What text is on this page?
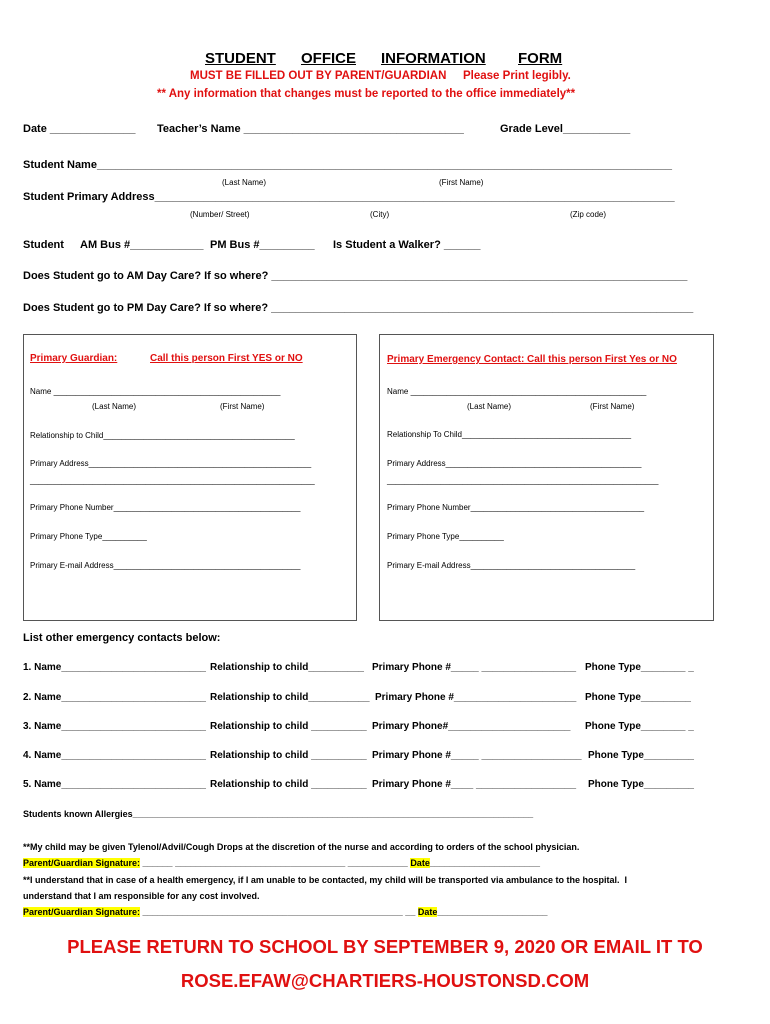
STUDENT OFFICE INFORMATION FORM
MUST BE FILLED OUT BY PARENT/GUARDIAN Please Print legibly.
** Any information that changes must be reported to the office immediately**
Date ______________ Teacher’s Name ____________________________________	Grade Level___________
Student Name______________________________________________________________________________________________
(Last Name)	(First Name)
Student Primary Address_____________________________________________________________________________________
(Number/ Street)	(City)	(Zip code)
Student AM Bus #____________ PM Bus #_________ Is Student a Walker? ______
Does Student go to AM Day Care? If so where? ____________________________________________________________________
Does Student go to PM Day Care? If so where? _____________________________________________________________________
Primary Guardian:	Call this person First YES or NO
Name ___________________________________________________
(Last Name)	(First Name)
Relationship to Child___________________________________________
Primary Address__________________________________________________
________________________________________________________________
Primary Phone Number__________________________________________
Primary Phone Type__________
Primary E-mail Address__________________________________________
Primary Emergency Contact: Call this person First Yes or NO
Name _____________________________________________________
(Last Name)	(First Name)
Relationship To Child______________________________________
Primary Address____________________________________________
_____________________________________________________________
Primary Phone Number_______________________________________
Primary Phone Type__________
Primary E-mail Address_____________________________________
List other emergency contacts below:
1. Name__________________________ Relationship to child__________ Primary Phone #_____ _________________ Phone Type________ _
2. Name__________________________ Relationship to child___________ Primary Phone #______________________ Phone Type_________
3. Name__________________________ Relationship to child __________ Primary Phone#______________________ Phone Type________ _
4. Name__________________________ Relationship to child __________ Primary Phone #_____ __________________ Phone Type_________
5. Name__________________________ Relationship to child __________ Primary Phone #____ __________________ Phone Type_________
Students known Allergies________________________________________________________________________________
**My child may be given Tylenol/Advil/Cough Drops at the discretion of the nurse and according to orders of the school physician.
Parent/Guardian Signature: ______ __________________________________ ____________ Date______________________
**I understand that in case of a health emergency, if I am unable to be contacted, my child will be transported via ambulance to the hospital.  I
understand that I am responsible for any cost involved.
Parent/Guardian Signature: ____________________________________________________ __ Date______________________
PLEASE RETURN TO SCHOOL BY SEPTEMBER 9, 2020 OR EMAIL IT TO
ROSE.EFAW@CHARTIERS-HOUSTONSD.COM
